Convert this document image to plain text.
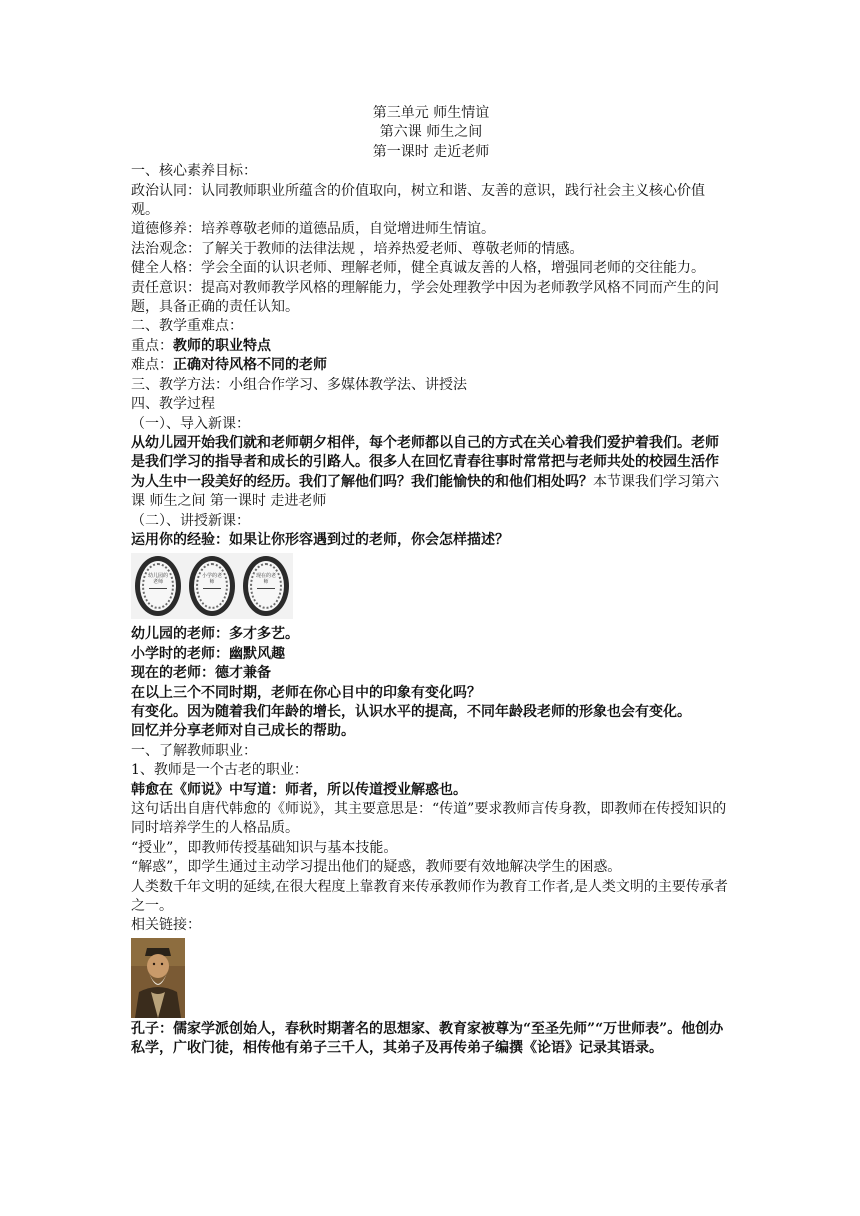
第三单元 师生情谊

第六课 师生之间

第一课时 走近老师

一、核心素养目标：

政治认同：认同教师职业所蕴含的价值取向，树立和谐、友善的意识，践行社会主义核心价值观。

道德修养：培养尊敬老师的道德品质，自觉增进师生情谊。

法治观念：了解关于教师的法律法规 ，培养热爱老师、尊敬老师的情感。

健全人格：学会全面的认识老师、理解老师，健全真诚友善的人格，增强同老师的交往能力。

责任意识：提高对教师教学风格的理解能力，学会处理教学中因为老师教学风格不同而产生的问题，具备正确的责任认知。

二、教学重难点：

重点：教师的职业特点

难点：正确对待风格不同的老师

三、教学方法：小组合作学习、多媒体教学法、讲授法

四、教学过程

（一）、导入新课：

从幼儿园开始我们就和老师朝夕相伴，每个老师都以自己的方式在关心着我们爱护着我们。老师是我们学习的指导者和成长的引路人。很多人在回忆青春往事时常常把与老师共处的校园生活作为人生中一段美好的经历。我们了解他们吗？我们能愉快的和他们相处吗？本节课我们学习第六课 师生之间 第一课时 走进老师

（二）、讲授新课：

运用你的经验：如果让你形容遇到过的老师，你会怎样描述？

幼儿园的老师
小学的老师
现在的老师

幼儿园的老师：多才多艺。

小学时的老师：幽默风趣

现在的老师：德才兼备

在以上三个不同时期，老师在你心目中的印象有变化吗？

有变化。因为随着我们年龄的增长，认识水平的提高，不同年龄段老师的形象也会有变化。

回忆并分享老师对自己成长的帮助。

一、了解教师职业：

1、教师是一个古老的职业：

韩愈在《师说》中写道：师者，所以传道授业解惑也。

这句话出自唐代韩愈的《师说》，其主要意思是：“传道”要求教师言传身教，即教师在传授知识的同时培养学生的人格品质。

“授业”，即教师传授基础知识与基本技能。

“解惑”，即学生通过主动学习提出他们的疑惑，教师要有效地解决学生的困惑。

人类数千年文明的延续,在很大程度上靠教育来传承教师作为教育工作者,是人类文明的主要传承者之一。

相关链接：

孔子：儒家学派创始人，春秋时期著名的思想家、教育家被尊为“至圣先师”“万世师表”。他创办私学，广收门徒，相传他有弟子三千人，其弟子及再传弟子编撰《论语》记录其语录。
